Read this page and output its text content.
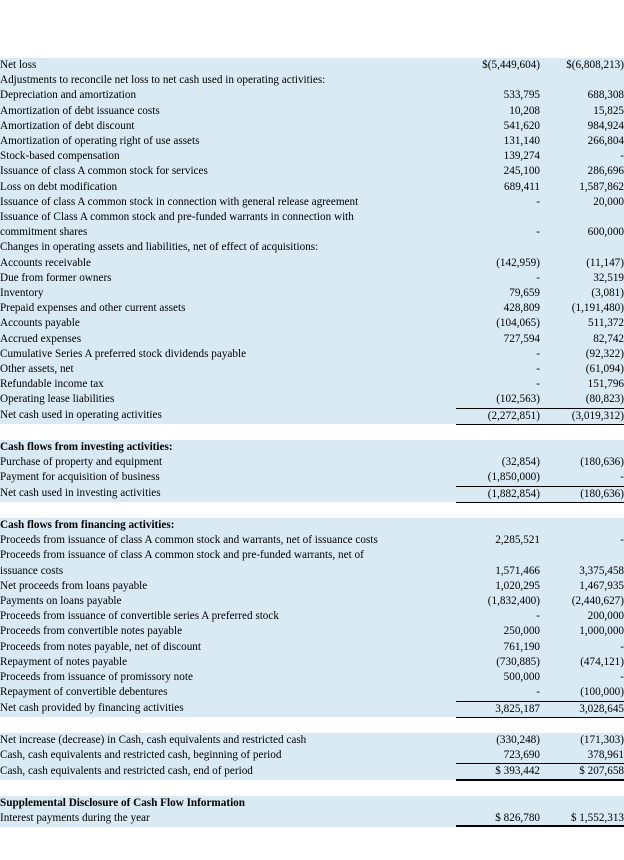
Net loss	$(5,449,604)	$(6,808,213)
Adjustments to reconcile net loss to net cash used in operating activities:		
Depreciation and amortization	533,795	688,308
Amortization of debt issuance costs	10,208	15,825
Amortization of debt discount	541,620	984,924
Amortization of operating right of use assets	131,140	266,804
Stock-based compensation	139,274	-
Issuance of class A common stock for services	245,100	286,696
Loss on debt modification	689,411	1,587,862
Issuance of class A common stock in connection with general release agreement	-	20,000
Issuance of Class A common stock and pre-funded warrants in connection with		
commitment shares	-	600,000
Changes in operating assets and liabilities, net of effect of acquisitions:		
Accounts receivable	(142,959)	(11,147)
Due from former owners	-	32,519
Inventory	79,659	(3,081)
Prepaid expenses and other current assets	428,809	(1,191,480)
Accounts payable	(104,065)	511,372
Accrued expenses	727,594	82,742
Cumulative Series A preferred stock dividends payable	-	(92,322)
Other assets, net	-	(61,094)
Refundable income tax	-	151,796
Operating lease liabilities	(102,563)	(80,823)
Net cash used in operating activities	(2,272,851)	(3,019,312)

Cash flows from investing activities:		
Purchase of property and equipment	(32,854)	(180,636)
Payment for acquisition of business	(1,850,000)	-
Net cash used in investing activities	(1,882,854)	(180,636)

Cash flows from financing activities:		
Proceeds from issuance of class A common stock and warrants, net of issuance costs	2,285,521	-
Proceeds from issuance of class A common stock and pre-funded warrants, net of		
issuance costs	1,571,466	3,375,458
Net proceeds from loans payable	1,020,295	1,467,935
Payments on loans payable	(1,832,400)	(2,440,627)
Proceeds from issuance of convertible series A preferred stock	-	200,000
Proceeds from convertible notes payable	250,000	1,000,000
Proceeds from notes payable, net of discount	761,190	-
Repayment of notes payable	(730,885)	(474,121)
Proceeds from issuance of promissory note	500,000	-
Repayment of convertible debentures	-	(100,000)
Net cash provided by financing activities	3,825,187	3,028,645

Net increase (decrease) in Cash, cash equivalents and restricted cash	(330,248)	(171,303)
Cash, cash equivalents and restricted cash, beginning of period	723,690	378,961
Cash, cash equivalents and restricted cash, end of period	$ 393,442	$ 207,658

Supplemental Disclosure of Cash Flow Information		
Interest payments during the year	$ 826,780	$ 1,552,313
